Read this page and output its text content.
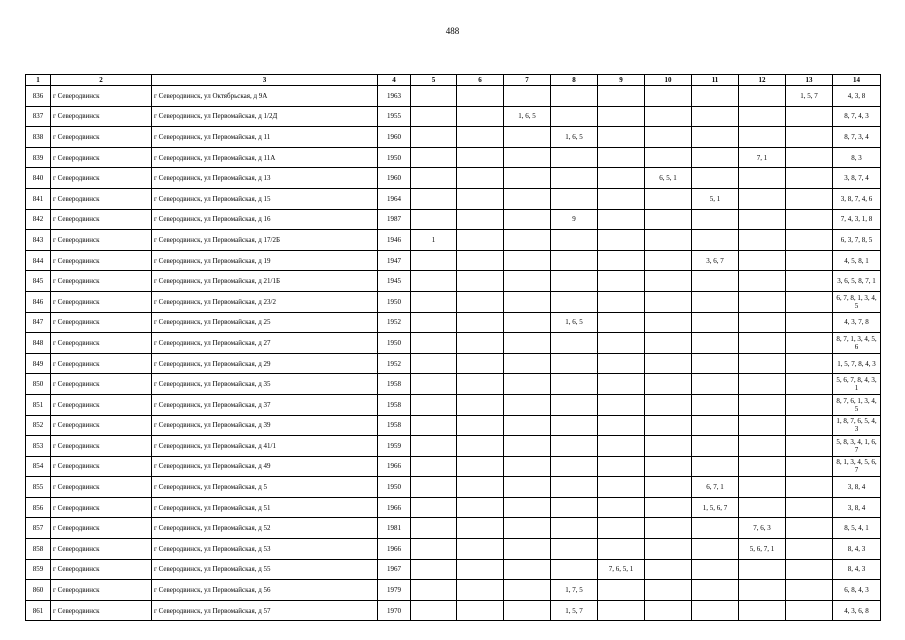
488
1	2	3	4	5	6	7	8	9	10	11	12	13	14
836	г Северодвинск	г Северодвинск, ул Октябрьская, д 9А	1963									1, 5, 7	4, 3, 8
837	г Северодвинск	г Северодвинск, ул Первомайская, д 1/2Д	1955			1, 6, 5							8, 7, 4, 3
838	г Северодвинск	г Северодвинск, ул Первомайская, д 11	1960				1, 6, 5						8, 7, 3, 4
839	г Северодвинск	г Северодвинск, ул Первомайская, д 11А	1950								7, 1		8, 3
840	г Северодвинск	г Северодвинск, ул Первомайская, д 13	1960						6, 5, 1				3, 8, 7, 4
841	г Северодвинск	г Северодвинск, ул Первомайская, д 15	1964							5, 1			3, 8, 7, 4, 6
842	г Северодвинск	г Северодвинск, ул Первомайская, д 16	1987				9						7, 4, 3, 1, 8
843	г Северодвинск	г Северодвинск, ул Первомайская, д 17/2Б	1946	1									6, 3, 7, 8, 5
844	г Северодвинск	г Северодвинск, ул Первомайская, д 19	1947							3, 6, 7			4, 5, 8, 1
845	г Северодвинск	г Северодвинск, ул Первомайская, д 21/1Б	1945										3, 6, 5, 8, 7, 1
846	г Северодвинск	г Северодвинск, ул Первомайская, д 23/2	1950										6, 7, 8, 1, 3, 4, 5
847	г Северодвинск	г Северодвинск, ул Первомайская, д 25	1952				1, 6, 5						4, 3, 7, 8
848	г Северодвинск	г Северодвинск, ул Первомайская, д 27	1950										8, 7, 1, 3, 4, 5, 6
849	г Северодвинск	г Северодвинск, ул Первомайская, д 29	1952										1, 5, 7, 8, 4, 3
850	г Северодвинск	г Северодвинск, ул Первомайская, д 35	1958										5, 6, 7, 8, 4, 3, 1
851	г Северодвинск	г Северодвинск, ул Первомайская, д 37	1958										8, 7, 6, 1, 3, 4, 5
852	г Северодвинск	г Северодвинск, ул Первомайская, д 39	1958										1, 8, 7, 6, 5, 4, 3
853	г Северодвинск	г Северодвинск, ул Первомайская, д 41/1	1959										5, 8, 3, 4, 1, 6, 7
854	г Северодвинск	г Северодвинск, ул Первомайская, д 49	1966										8, 1, 3, 4, 5, 6, 7
855	г Северодвинск	г Северодвинск, ул Первомайская, д 5	1950							6, 7, 1			3, 8, 4
856	г Северодвинск	г Северодвинск, ул Первомайская, д 51	1966							1, 5, 6, 7			3, 8, 4
857	г Северодвинск	г Северодвинск, ул Первомайская, д 52	1981								7, 6, 3		8, 5, 4, 1
858	г Северодвинск	г Северодвинск, ул Первомайская, д 53	1966								5, 6, 7, 1		8, 4, 3
859	г Северодвинск	г Северодвинск, ул Первомайская, д 55	1967					7, 6, 5, 1					8, 4, 3
860	г Северодвинск	г Северодвинск, ул Первомайская, д 56	1979				1, 7, 5						6, 8, 4, 3
861	г Северодвинск	г Северодвинск, ул Первомайская, д 57	1970				1, 5, 7						4, 3, 6, 8
